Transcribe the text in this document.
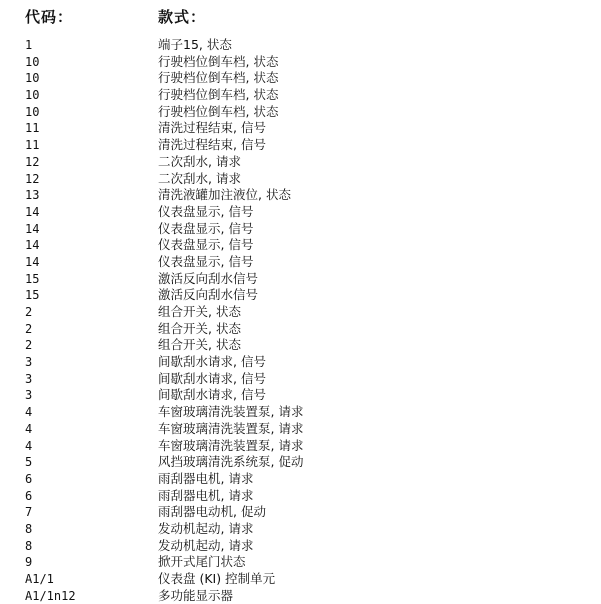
代码：	款式：
1	端子15, 状态
10	行驶档位倒车档, 状态
10	行驶档位倒车档, 状态
10	行驶档位倒车档, 状态
10	行驶档位倒车档, 状态
11	清洗过程结束, 信号
11	清洗过程结束, 信号
12	二次刮水, 请求
12	二次刮水, 请求
13	清洗液罐加注液位, 状态
14	仪表盘显示, 信号
14	仪表盘显示, 信号
14	仪表盘显示, 信号
14	仪表盘显示, 信号
15	激活反向刮水信号
15	激活反向刮水信号
2	组合开关, 状态
2	组合开关, 状态
2	组合开关, 状态
3	间歇刮水请求, 信号
3	间歇刮水请求, 信号
3	间歇刮水请求, 信号
4	车窗玻璃清洗装置泵, 请求
4	车窗玻璃清洗装置泵, 请求
4	车窗玻璃清洗装置泵, 请求
5	风挡玻璃清洗系统泵, 促动
6	雨刮器电机, 请求
6	雨刮器电机, 请求
7	雨刮器电动机, 促动
8	发动机起动, 请求
8	发动机起动, 请求
9	掀开式尾门状态
A1/1	仪表盘 (KI) 控制单元
A1/1n12	多功能显示器
